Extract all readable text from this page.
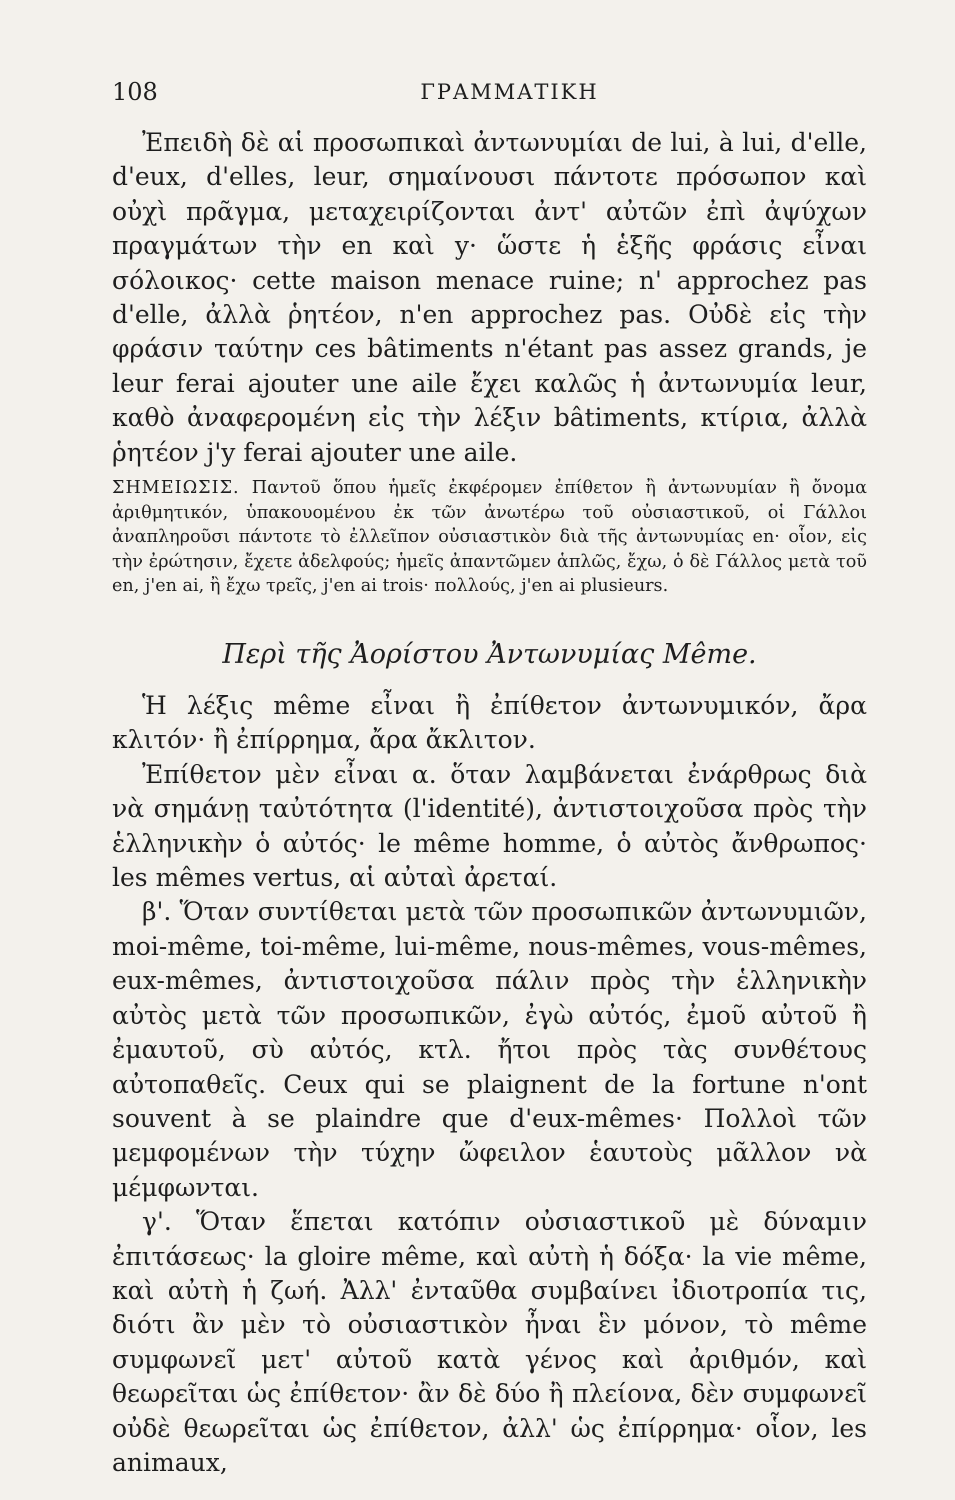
108	ΓΡΑΜΜΑΤΙΚΗ

Ἐπειδὴ δὲ αἱ προσωπικαὶ ἀντωνυμίαι de lui, à lui, d'elle, d'eux, d'elles, leur, σημαίνουσι πάντοτε πρόσωπον καὶ οὐχὶ πρᾶγμα, μεταχειρίζονται ἀντ' αὐτῶν ἐπὶ ἀψύχων πραγμάτων τὴν en καὶ y· ὥστε ἡ ἑξῆς φράσις εἶναι σόλοικος· cette maison menace ruine; n' approchez pas d'elle, ἀλλὰ ῥητέον, n'en approchez pas. Οὐδὲ εἰς τὴν φράσιν ταύτην ces bâtiments n'étant pas assez grands, je leur ferai ajouter une aile ἔχει καλῶς ἡ ἀντωνυμία leur, καθὸ ἀναφερομένη εἰς τὴν λέξιν bâtiments, κτίρια, ἀλλὰ ῥητέον j'y ferai ajouter une aile.

ΣΗΜΕΙΩΣΙΣ. Παντοῦ ὅπου ἡμεῖς ἐκφέρομεν ἐπίθετον ἢ ἀντωνυμίαν ἢ ὄνομα ἀριθμητικόν, ὑπακουομένου ἐκ τῶν ἀνωτέρω τοῦ οὐσιαστικοῦ, οἱ Γάλλοι ἀναπληροῦσι πάντοτε τὸ ἐλλεῖπον οὐσιαστικὸν διὰ τῆς ἀντωνυμίας en· οἷον, εἰς τὴν ἐρώτησιν, ἔχετε ἀδελφούς; ἡμεῖς ἀπαντῶμεν ἁπλῶς, ἔχω, ὁ δὲ Γάλλος μετὰ τοῦ en, j'en ai, ἢ ἔχω τρεῖς, j'en ai trois· πολλούς, j'en ai plusieurs.

Περὶ τῆς Ἀορίστου Ἀντωνυμίας Même.

Ἡ λέξις même εἶναι ἢ ἐπίθετον ἀντωνυμικόν, ἄρα κλιτόν· ἢ ἐπίρρημα, ἄρα ἄκλιτον.

Ἐπίθετον μὲν εἶναι α. ὅταν λαμβάνεται ἐνάρθρως διὰ νὰ σημάνῃ ταὐτότητα (l'identité), ἀντιστοιχοῦσα πρὸς τὴν ἑλληνικὴν ὁ αὐτός· le même homme, ὁ αὐτὸς ἄνθρωπος· les mêmes vertus, αἱ αὐταὶ ἀρεταί.

β'. Ὅταν συντίθεται μετὰ τῶν προσωπικῶν ἀντωνυμιῶν, moi-même, toi-même, lui-même, nous-mêmes, vous-mêmes, eux-mêmes, ἀντιστοιχοῦσα πάλιν πρὸς τὴν ἑλληνικὴν αὐτὸς μετὰ τῶν προσωπικῶν, ἐγὼ αὐτός, ἐμοῦ αὐτοῦ ἢ ἐμαυτοῦ, σὺ αὐτός, κτλ. ἤτοι πρὸς τὰς συνθέτους αὐτοπαθεῖς. Ceux qui se plaignent de la fortune n'ont souvent à se plaindre que d'eux-mêmes· Πολλοὶ τῶν μεμφομένων τὴν τύχην ὤφειλον ἑαυτοὺς μᾶλλον νὰ μέμφωνται.

γ'. Ὅταν ἕπεται κατόπιν οὐσιαστικοῦ μὲ δύναμιν ἐπιτάσεως· la gloire même, καὶ αὐτὴ ἡ δόξα· la vie même, καὶ αὐτὴ ἡ ζωή. Ἀλλ' ἐνταῦθα συμβαίνει ἰδιοτροπία τις, διότι ἂν μὲν τὸ οὐσιαστικὸν ἦναι ἓν μόνον, τὸ même συμφωνεῖ μετ' αὐτοῦ κατὰ γένος καὶ ἀριθμόν, καὶ θεωρεῖται ὡς ἐπίθετον· ἂν δὲ δύο ἢ πλείονα, δὲν συμφωνεῖ οὐδὲ θεωρεῖται ὡς ἐπίθετον, ἀλλ' ὡς ἐπίρρημα· οἷον, les animaux,
